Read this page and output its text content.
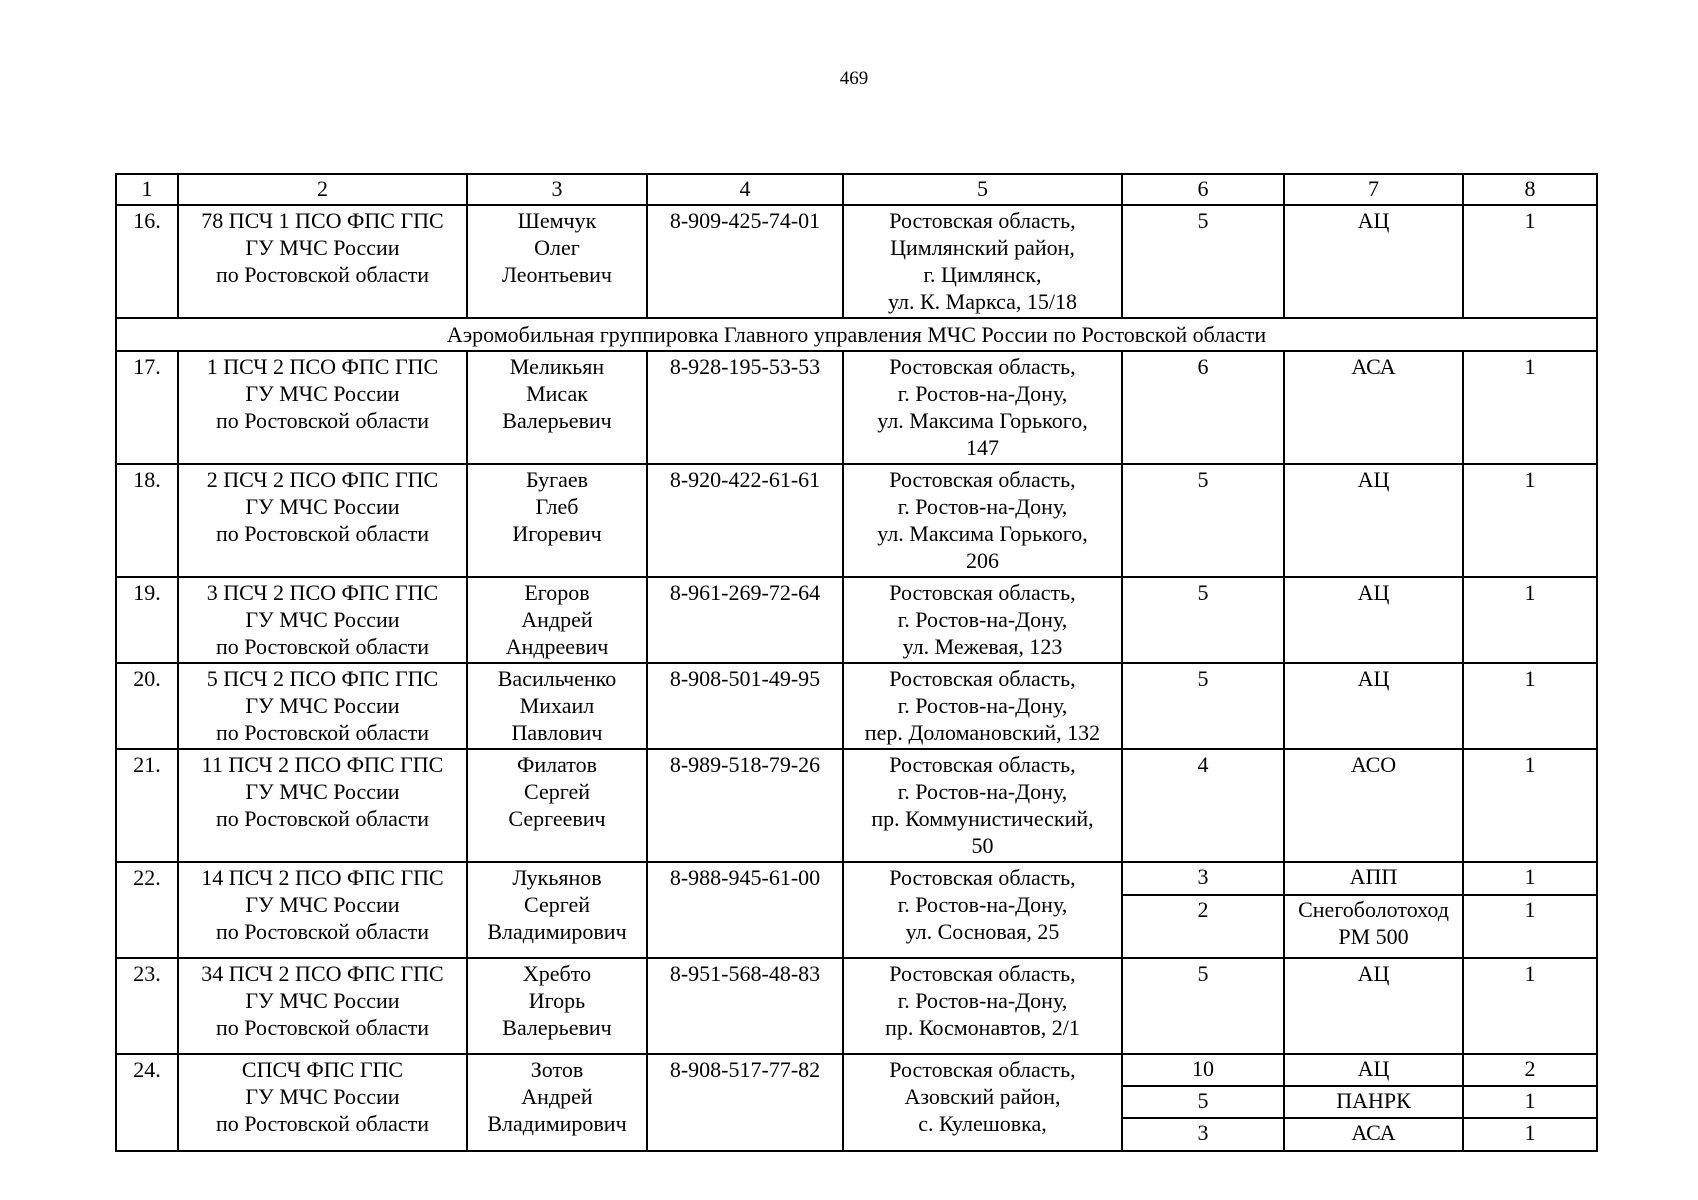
469
1	2	3	4	5	6	7	8
16.	78 ПСЧ 1 ПСО ФПС ГПС
ГУ МЧС России
по Ростовской области	Шемчук
Олег
Леонтьевич	8-909-425-74-01	Ростовская область,
Цимлянский район,
г. Цимлянск,
ул. К. Маркса, 15/18	5	АЦ	1
Аэромобильная группировка Главного управления МЧС России по Ростовской области							
17.	1 ПСЧ 2 ПСО ФПС ГПС
ГУ МЧС России
по Ростовской области	Меликьян
Мисак
Валерьевич	8-928-195-53-53	Ростовская область,
г. Ростов-на-Дону,
ул. Максима Горького,
147	6	АСА	1
18.	2 ПСЧ 2 ПСО ФПС ГПС
ГУ МЧС России
по Ростовской области	Бугаев
Глеб
Игоревич	8-920-422-61-61	Ростовская область,
г. Ростов-на-Дону,
ул. Максима Горького,
206	5	АЦ	1
19.	3 ПСЧ 2 ПСО ФПС ГПС
ГУ МЧС России
по Ростовской области	Егоров
Андрей
Андреевич	8-961-269-72-64	Ростовская область,
г. Ростов-на-Дону,
ул. Межевая, 123	5	АЦ	1
20.	5 ПСЧ 2 ПСО ФПС ГПС
ГУ МЧС России
по Ростовской области	Васильченко
Михаил
Павлович	8-908-501-49-95	Ростовская область,
г. Ростов-на-Дону,
пер. Доломановский, 132	5	АЦ	1
21.	11 ПСЧ 2 ПСО ФПС ГПС
ГУ МЧС России
по Ростовской области	Филатов
Сергей
Сергеевич	8-989-518-79-26	Ростовская область,
г. Ростов-на-Дону,
пр. Коммунистический,
50	4	АСО	1
22.	14 ПСЧ 2 ПСО ФПС ГПС
ГУ МЧС России
по Ростовской области	Лукьянов
Сергей
Владимирович	8-988-945-61-00	Ростовская область,
г. Ростов-на-Дону,
ул. Сосновая, 25	3	АПП	1
					2	Снегоболотоход
РМ 500	1
23.	34 ПСЧ 2 ПСО ФПС ГПС
ГУ МЧС России
по Ростовской области	Хребто
Игорь
Валерьевич	8-951-568-48-83	Ростовская область,
г. Ростов-на-Дону,
пр. Космонавтов, 2/1	5	АЦ	1
24.	СПСЧ ФПС ГПС
ГУ МЧС России
по Ростовской области	Зотов
Андрей
Владимирович	8-908-517-77-82	Ростовская область,
Азовский район,
с. Кулешовка,	10	АЦ	2
					5	ПАНРК	1
					3	АСА	1
